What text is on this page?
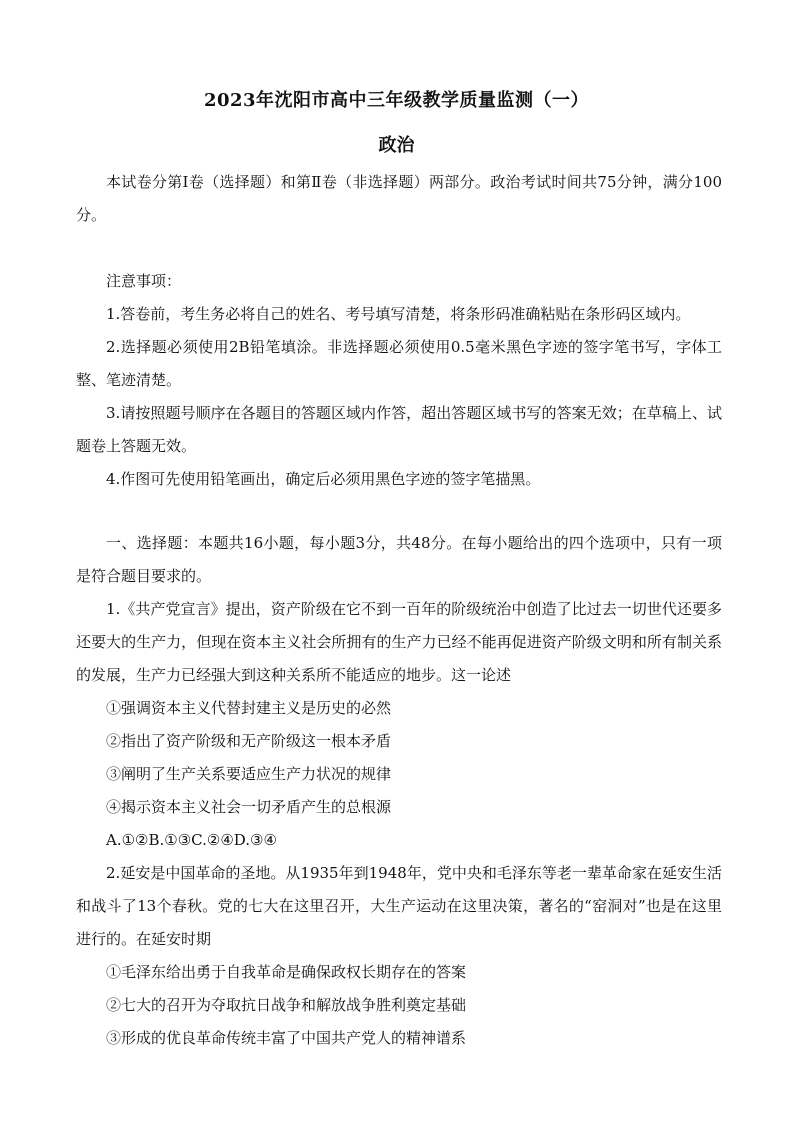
2023年沈阳市高中三年级教学质量监测（一）
政治

本试卷分第Ⅰ卷（选择题）和第Ⅱ卷（非选择题）两部分。政治考试时间共75分钟，满分100分。

注意事项：

1.答卷前，考生务必将自己的姓名、考号填写清楚，将条形码准确粘贴在条形码区域内。

2.选择题必须使用2B铅笔填涂。非选择题必须使用0.5毫米黑色字迹的签字笔书写，字体工整、笔迹清楚。

3.请按照题号顺序在各题目的答题区域内作答，超出答题区域书写的答案无效；在草稿上、试题卷上答题无效。

4.作图可先使用铅笔画出，确定后必须用黑色字迹的签字笔描黑。

一、选择题：本题共16小题，每小题3分，共48分。在每小题给出的四个选项中，只有一项是符合题目要求的。

1.《共产党宣言》提出，资产阶级在它不到一百年的阶级统治中创造了比过去一切世代还要多还要大的生产力，但现在资本主义社会所拥有的生产力已经不能再促进资产阶级文明和所有制关系的发展，生产力已经强大到这种关系所不能适应的地步。这一论述

①强调资本主义代替封建主义是历史的必然

②指出了资产阶级和无产阶级这一根本矛盾

③阐明了生产关系要适应生产力状况的规律

④揭示资本主义社会一切矛盾产生的总根源

A.①②B.①③C.②④D.③④

2.延安是中国革命的圣地。从1935年到1948年，党中央和毛泽东等老一辈革命家在延安生活和战斗了13个春秋。党的七大在这里召开，大生产运动在这里决策，著名的“窑洞对”也是在这里进行的。在延安时期

①毛泽东给出勇于自我革命是确保政权长期存在的答案

②七大的召开为夺取抗日战争和解放战争胜利奠定基础

③形成的优良革命传统丰富了中国共产党人的精神谱系
